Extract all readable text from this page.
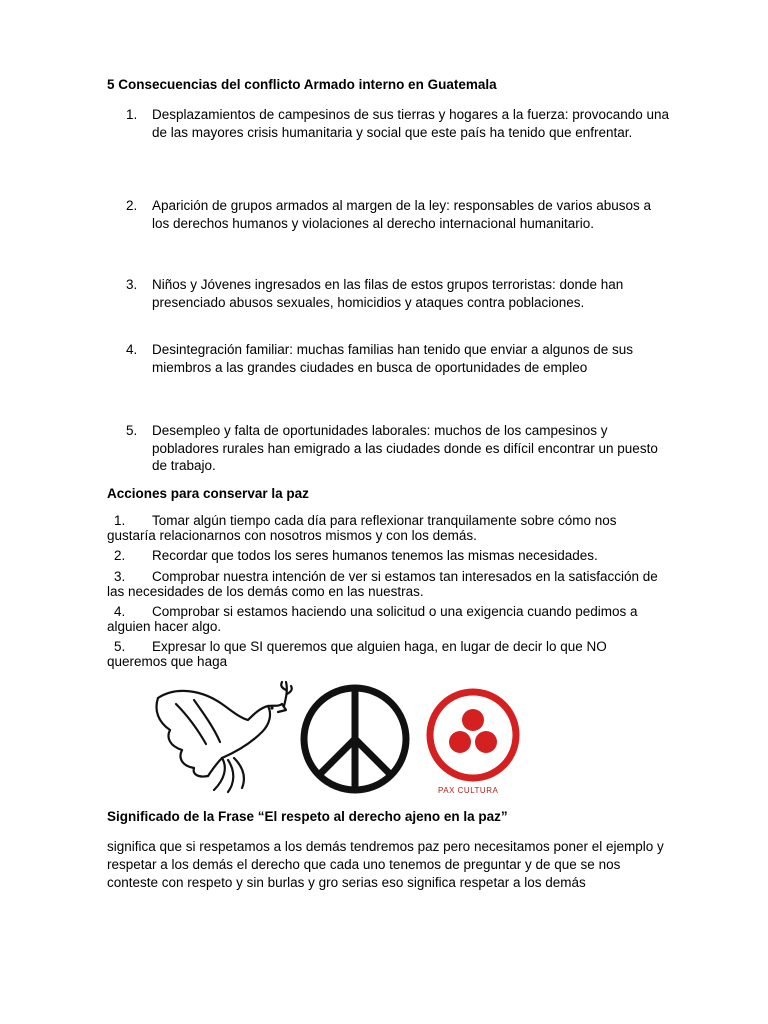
5 Consecuencias del conflicto Armado interno en Guatemala
1. Desplazamientos de campesinos de sus tierras y hogares a la fuerza: provocando una de las mayores crisis humanitaria y social que este país ha tenido que enfrentar.
2. Aparición de grupos armados al margen de la ley: responsables de varios abusos a los derechos humanos y violaciones al derecho internacional humanitario.
3. Niños y Jóvenes ingresados en las filas de estos grupos terroristas: donde han presenciado abusos sexuales, homicidios y ataques contra poblaciones.
4. Desintegración familiar: muchas familias han tenido que enviar a algunos de sus miembros a las grandes ciudades en busca de oportunidades de empleo
5. Desempleo y falta de oportunidades laborales: muchos de los campesinos y pobladores rurales han emigrado a las ciudades donde es difícil encontrar un puesto de trabajo.
Acciones para conservar la paz
1.	Tomar algún tiempo cada día para reflexionar tranquilamente sobre cómo nos gustaría relacionarnos con nosotros mismos y con los demás.
2.	Recordar que todos los seres humanos tenemos las mismas necesidades.
3.	Comprobar nuestra intención de ver si estamos tan interesados en la satisfacción de las necesidades de los demás como en las nuestras.
4.	Comprobar si estamos haciendo una solicitud o una exigencia cuando pedimos a alguien hacer algo.
5.	Expresar lo que SI queremos que alguien haga, en lugar de decir lo que NO queremos que haga
PAX CULTURA
Significado de la Frase “El respeto al derecho ajeno en la paz”
significa que si respetamos a los demás tendremos paz pero necesitamos poner el ejemplo y respetar a los demás el derecho que cada uno tenemos de preguntar y de que se nos conteste con respeto y sin burlas y gro serias eso significa respetar a los demás
